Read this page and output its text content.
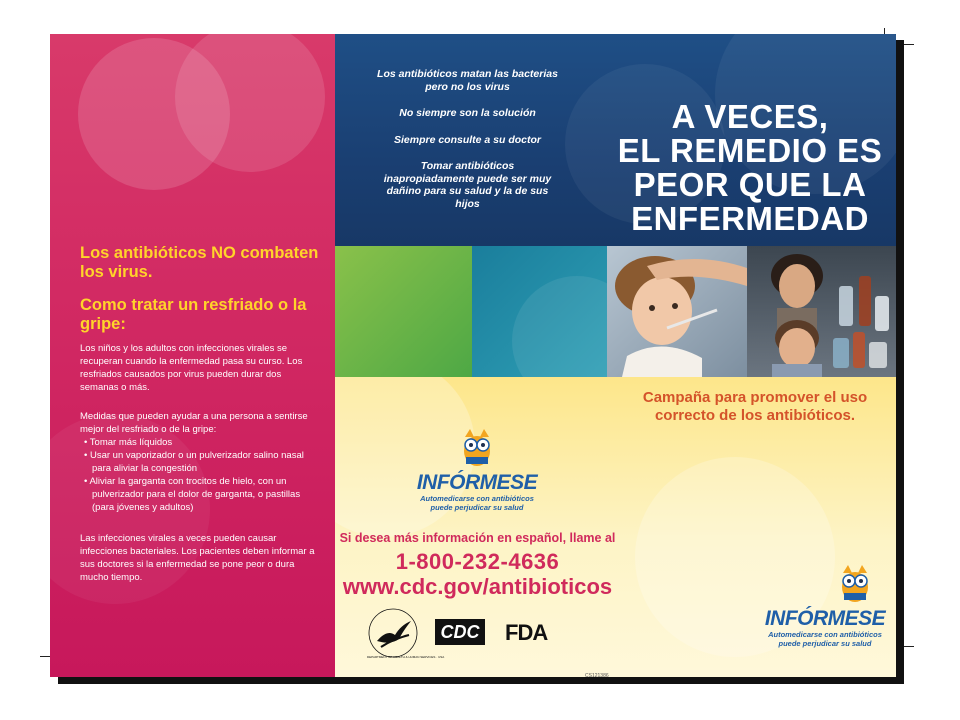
Los antibióticos NO combaten los virus.

Como tratar un resfriado o la gripe:

Los niños y los adultos con infecciones virales se recuperan cuando la enfermedad pasa su curso. Los resfriados causados por virus pueden durar dos semanas o más.

Medidas que pueden ayudar a una persona a sentirse mejor del resfriado o de la gripe:

• Tomar más líquidos

• Usar un vaporizador o un pulverizador salino nasal para aliviar la congestión

• Aliviar la garganta con trocitos de hielo, con un pulverizador para el dolor de garganta, o pastillas (para jóvenes y adultos)

Las infecciones virales a veces pueden causar infecciones bacteriales. Los pacientes deben informar a sus doctores si la enfermedad se pone peor o dura mucho tiempo.

Los antibióticos matan las bacterias pero no los virus

No siempre son la solución

Siempre consulte a su doctor

Tomar antibióticos inapropiadamente puede ser muy dañino para su salud y la de sus hijos

A VECES,
EL REMEDIO ES
PEOR QUE LA
ENFERMEDAD

Campaña para promover el uso correcto de los antibióticos.

INFÓRMESE
Automedicarse con antibióticos
puede perjudicar su salud

Si desea más información en español, llame al

1-800-232-4636

www.cdc.gov/antibioticos

DEPARTMENT OF HEALTH & HUMAN SERVICES · USA
CDC FDA

CS121386

INFÓRMESE
Automedicarse con antibióticos
puede perjudicar su salud
